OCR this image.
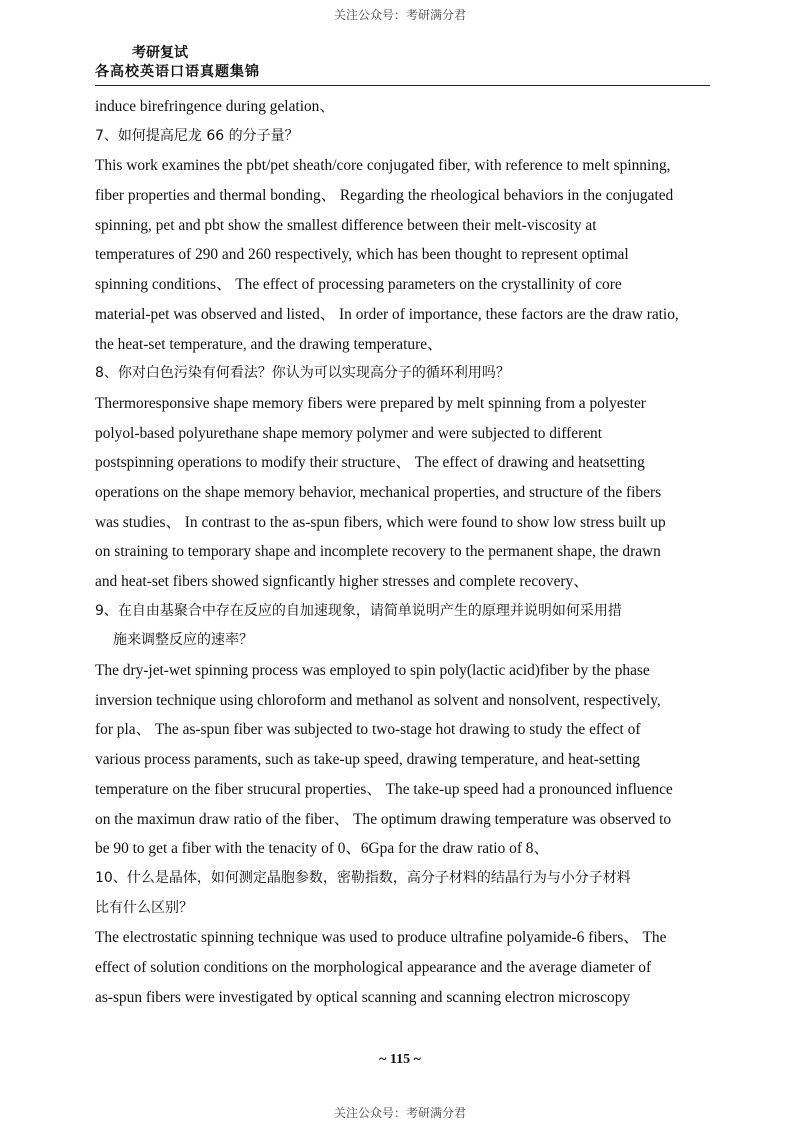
关注公众号：考研满分君
考研复试
各高校英语口语真题集锦
induce birefringence during gelation、
7、如何提高尼龙 66 的分子量？
This work examines the pbt/pet sheath/core conjugated fiber, with reference to melt spinning,
fiber properties and thermal bonding、 Regarding the rheological behaviors in the conjugated
spinning, pet and pbt show the smallest difference between their melt-viscosity at
temperatures of 290 and 260 respectively, which has been thought to represent optimal
spinning conditions、 The effect of processing parameters on the crystallinity of core
material-pet was observed and listed、 In order of importance, these factors are the draw ratio,
the heat-set temperature, and the drawing temperature、
8、你对白色污染有何看法？你认为可以实现高分子的循环利用吗？
Thermoresponsive shape memory fibers were prepared by melt spinning from a polyester
polyol-based polyurethane shape memory polymer and were subjected to different
postspinning operations to modify their structure、 The effect of drawing and heatsetting
operations on the shape memory behavior, mechanical properties, and structure of the fibers
was studies、 In contrast to the as-spun fibers, which were found to show low stress built up
on straining to temporary shape and incomplete recovery to the permanent shape, the drawn
and heat-set fibers showed signficantly higher stresses and complete recovery、
9、在自由基聚合中存在反应的自加速现象，请简单说明产生的原理并说明如何采用措
施来调整反应的速率？
The dry-jet-wet spinning process was employed to spin poly(lactic acid)fiber by the phase
inversion technique using chloroform and methanol as solvent and nonsolvent, respectively,
for pla、 The as-spun fiber was subjected to two-stage hot drawing to study the effect of
various process paraments, such as take-up speed, drawing temperature, and heat-setting
temperature on the fiber strucural properties、 The take-up speed had a pronounced influence
on the maximun draw ratio of the fiber、 The optimum drawing temperature was observed to
be 90 to get a fiber with the tenacity of 0、6Gpa for the draw ratio of 8、
10、什么是晶体，如何测定晶胞参数，密勒指数，高分子材料的结晶行为与小分子材料
比有什么区别？
The electrostatic spinning technique was used to produce ultrafine polyamide-6 fibers、 The
effect of solution conditions on the morphological appearance and the average diameter of
as-spun fibers were investigated by optical scanning and scanning electron microscopy
~ 115 ~
关注公众号：考研满分君
